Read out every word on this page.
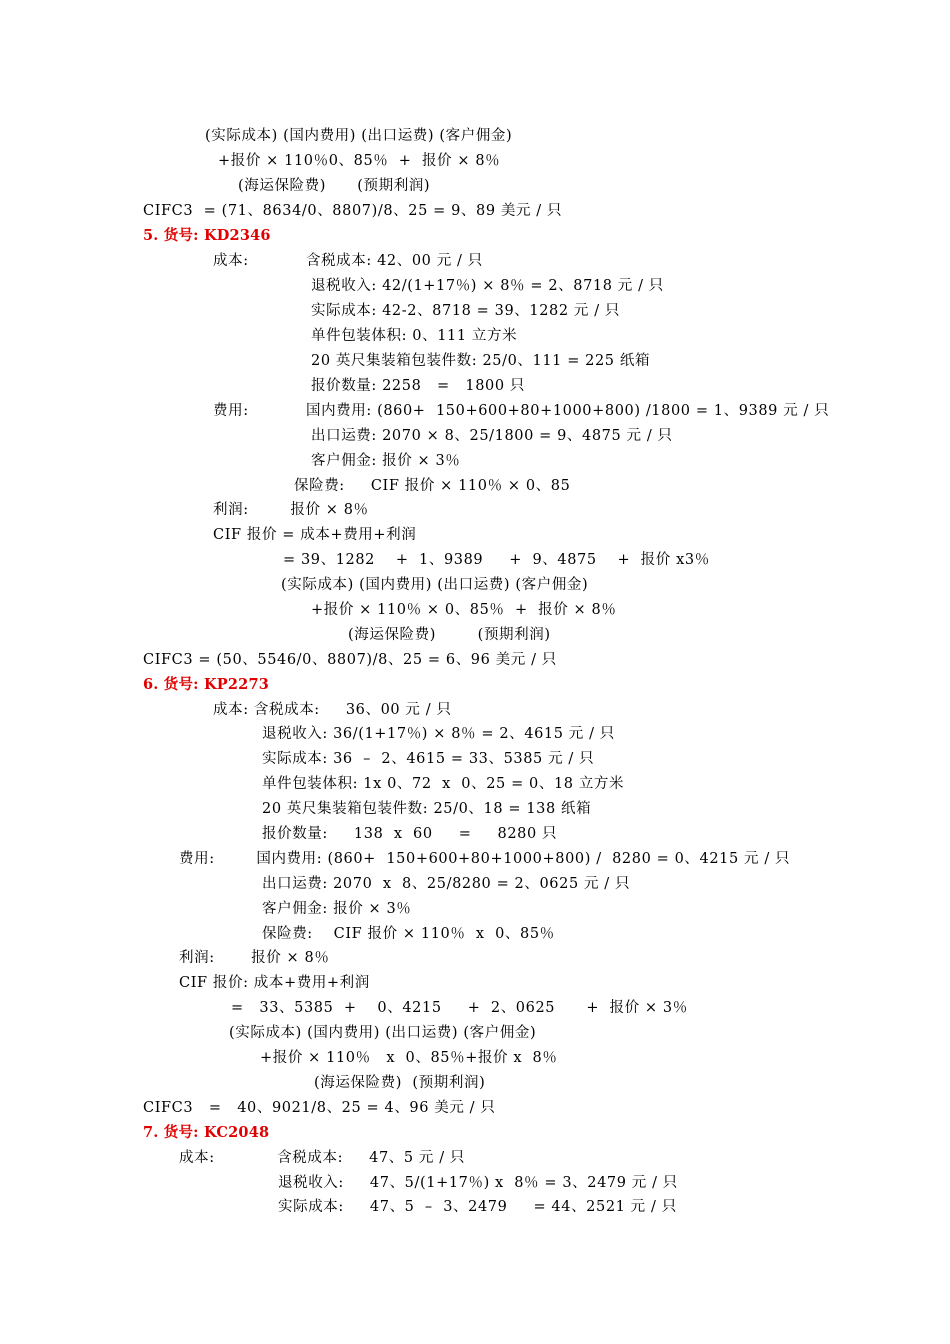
(实际成本) (国内费用) (出口运费) (客户佣金)
+报价 × 110％0、85％  +  报价 × 8％
(海运保险费)      (预期利润)
CIFC3  = (71、8634/0、8807)/8、25 = 9、89 美元 / 只
5. 货号: KD2346
成本:           含税成本: 42、00 元 / 只
退税收入: 42/(1+17％) × 8％ = 2、8718 元 / 只
实际成本: 42-2、8718 = 39、1282 元 / 只
单件包装体积: 0、111 立方米
20 英尺集装箱包装件数: 25/0、111 = 225 纸箱
报价数量: 2258   =   1800 只
费用:           国内费用: (860+  150+600+80+1000+800) /1800 = 1、9389 元 / 只
出口运费: 2070 × 8、25/1800 = 9、4875 元 / 只
客户佣金: 报价 × 3％
保险费:     CIF 报价 × 110％ × 0、85
利润:        报价 × 8％
CIF 报价 = 成本+费用+利润
= 39、1282    +  1、9389     +  9、4875    +  报价 x3％
(实际成本) (国内费用) (出口运费) (客户佣金)
+报价 × 110％ × 0、85％  +  报价 × 8％
(海运保险费)        (预期利润)
CIFC3 = (50、5546/0、8807)/8、25 = 6、96 美元 / 只
6. 货号: KP2273
成本: 含税成本:     36、00 元 / 只
退税收入: 36/(1+17％) × 8％ = 2、4615 元 / 只
实际成本: 36  –  2、4615 = 33、5385 元 / 只
单件包装体积: 1x 0、72  x  0、25 = 0、18 立方米
20 英尺集装箱包装件数: 25/0、18 = 138 纸箱
报价数量:     138  x  60     =     8280 只
费用:        国内费用: (860+  150+600+80+1000+800) /  8280 = 0、4215 元 / 只
出口运费: 2070  x  8、25/8280 = 2、0625 元 / 只
客户佣金: 报价 × 3％
保险费:    CIF 报价 × 110％  x  0、85％
利润:       报价 × 8％
CIF 报价: 成本+费用+利润
=   33、5385  +    0、4215     +  2、0625      +  报价 × 3％
(实际成本) (国内费用) (出口运费) (客户佣金)
+报价 × 110％   x  0、85％+报价 x  8％
(海运保险费)  (预期利润)
CIFC3   =   40、9021/8、25 = 4、96 美元 / 只
7. 货号: KC2048
成本:            含税成本:     47、5 元 / 只
退税收入:     47、5/(1+17％) x  8％ = 3、2479 元 / 只
实际成本:     47、5  –  3、2479     = 44、2521 元 / 只
